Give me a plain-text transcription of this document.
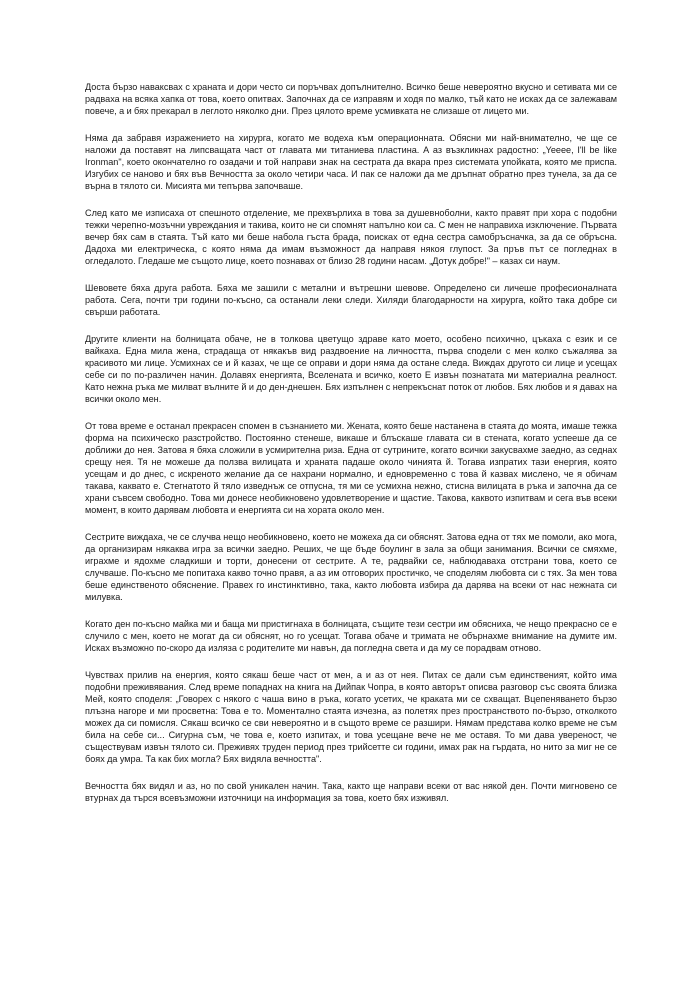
Доста бързо наваксвах с храната и дори често си поръчвах допълнително. Всичко беше невероятно вкусно и сетивата ми се радваха на всяка хапка от това, което опитвах. Започнах да се изправям и ходя по малко, тъй като не исках да се залежавам повече, а и бях прекарал в леглото няколко дни. През цялото време усмивката не слизаше от лицето ми.

Няма да забравя изражението на хирурга, когато ме водеха към операционната. Обясни ми най-внимателно, че ще се наложи да поставят на липсващата част от главата ми титаниева пластина. А аз възкликнах радостно: „Yeeee, I'll be like Ironman", което окончателно го озадачи и той направи знак на сестрата да вкара през системата упойката, която ме приспа. Изгубих се наново и бях във Вечността за около четири часа. И пак се наложи да ме дръпнат обратно през тунела, за да се върна в тялото си. Мисията ми тепърва започваше.

След като ме изписаха от спешното отделение, ме прехвърлиха в това за душевноболни, както правят при хора с подобни тежки черепно-мозъчни увреждания и такива, които не си спомнят напълно кои са. С мен не направиха изключение. Първата вечер бях сам в стаята. Тъй като ми беше набола гъста брада, поисках от една сестра самобръсначка, за да се обръсна. Дадоха ми електрическа, с която няма да имам възможност да направя някоя глупост. За пръв път се погледнах в огледалото. Гледаше ме същото лице, което познавах от близо 28 години насам. „Дотук добре!" – казах си наум.

Шевовете бяха друга работа. Бяха ме зашили с метални и вътрешни шевове. Определено си личеше професионалната работа. Сега, почти три години по-късно, са останали леки следи. Хиляди благодарности на хирурга, който така добре си свърши работата.

Другите клиенти на болницата обаче, не в толкова цветущо здраве като моето, особено психично, цъкаха с език и се вайкаха. Една мила жена, страдаща от някакъв вид раздвоение на личността, първа сподели с мен колко съжалява за красивото ми лице. Усмихнах се и й казах, че ще се оправи и дори няма да остане следа. Виждах другото си лице и усещах себе си по по-различен начин. Долавях енергията, Вселената и всичко, което Е извън познатата ми материална реалност. Като нежна ръка ме милват вълните й и до ден-днешен. Бях изпълнен с непрекъснат поток от любов. Бях любов и я давах на всички около мен.

От това време е останал прекрасен спомен в съзнанието ми. Жената, която беше настанена в стаята до моята, имаше тежка форма на психическо разстройство. Постоянно стенеше, викаше и блъскаше главата си в стената, когато успееше да се доближи до нея. Затова я бяха сложили в усмирителна риза. Една от сутрините, когато всички закусвахме заедно, аз седнах срещу нея. Тя не можеше да ползва вилицата и храната падаше около чинията й. Тогава изпратих тази енергия, която усещам и до днес, с искреното желание да се нахрани нормално, и едновременно с това й казвах мислено, че я обичам такава, каквато е. Стегнатото й тяло изведнъж се отпусна, тя ми се усмихна нежно, стисна вилицата в ръка и започна да се храни съвсем свободно. Това ми донесе необикновено удовлетворение и щастие. Такова, каквото изпитвам и сега във всеки момент, в които дарявам любовта и енергията си на хората около мен.

Сестрите виждаха, че се случва нещо необикновено, което не можеха да си обяснят. Затова една от тях ме помоли, ако мога, да организирам някаква игра за всички заедно. Реших, че ще бъде боулинг в зала за общи занимания. Всички се смяхме, играхме и ядохме сладкиши и торти, донесени от сестрите. А те, радвайки се, наблюдаваха отстрани това, което се случваше. По-късно ме попитаха какво точно правя, а аз им отговорих простичко, че споделям любовта си с тях. За мен това беше единственото обяснение. Правех го инстинктивно, така, както любовта избира да дарява на всеки от нас нежната си милувка.

Когато ден по-късно майка ми и баща ми пристигнаха в болницата, същите тези сестри им обясниха, че нещо прекрасно се е случило с мен, което не могат да си обяснят, но го усещат. Тогава обаче и тримата не обърнахме внимание на думите им. Исках възможно по-скоро да изляза с родителите ми навън, да погледна света и да му се порадвам отново.

Чувствах прилив на енергия, която сякаш беше част от мен, а и аз от нея. Питах се дали съм единственият, който има подобни преживявания. След време попаднах на книга на Дийпак Чопра, в която авторът описва разговор със своята близка Мей, която споделя: „Говорех с някого с чаша вино в ръка, когато усетих, че краката ми се схващат. Вцепеняването бързо плъзна нагоре и ми просветна: Това е то. Моментално стаята изчезна, аз полетях през пространството по-бързо, отколкото можех да си помисля. Сякаш всичко се сви невероятно и в същото време се разшири. Нямам представа колко време не съм била на себе си... Сигурна съм, че това е, което изпитах, и това усещане вече не ме оставя. То ми дава увереност, че съществувам извън тялото си. Преживях труден период през трийсетте си години, имах рак на гърдата, но нито за миг не се боях да умра. Та как бих могла? Бях видяла вечността".

Вечността бях видял и аз, но по свой уникален начин. Така, както ще направи всеки от вас някой ден. Почти мигновено се втурнах да търся всевъзможни източници на информация за това, което бях изживял.
